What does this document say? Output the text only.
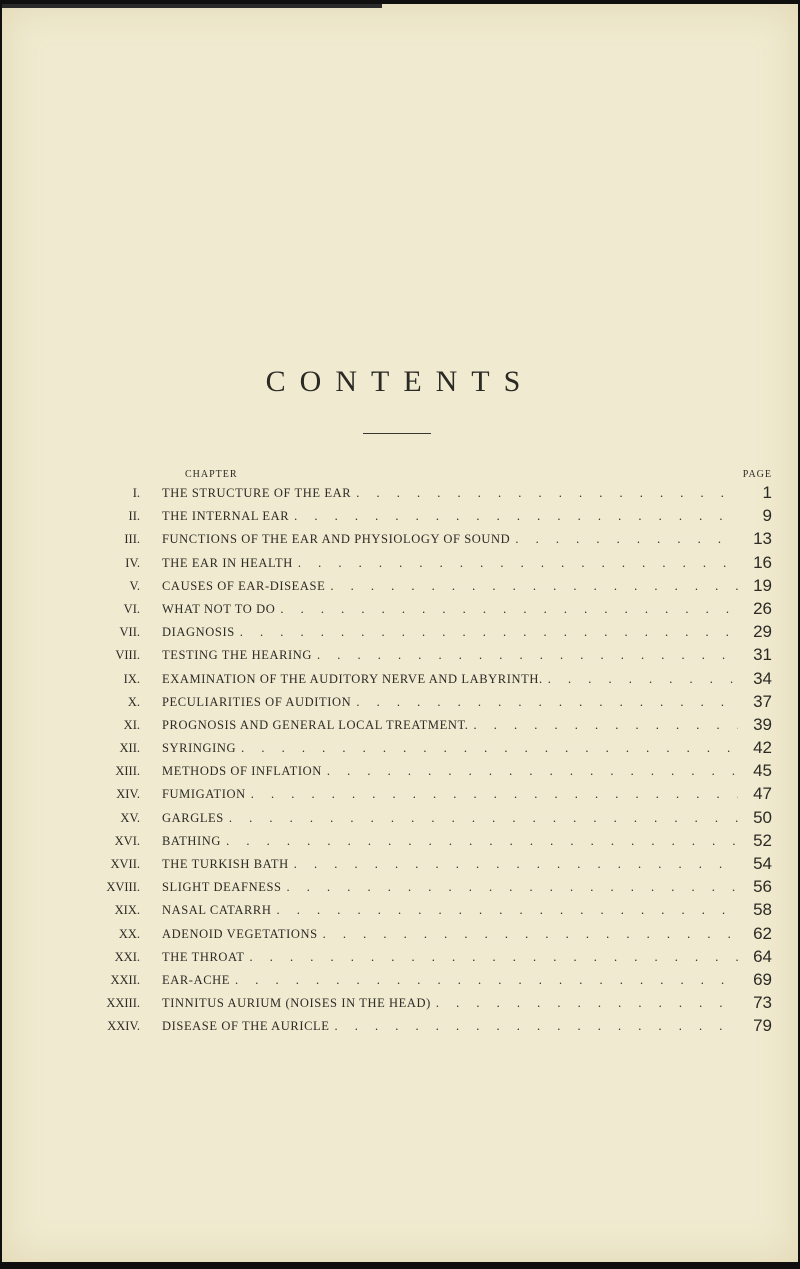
CONTENTS
CHAPTER	PAGE
I. THE STRUCTURE OF THE EAR . . .	1
II. THE INTERNAL EAR . . .	9
III. FUNCTIONS OF THE EAR AND PHYSIOLOGY OF SOUND . . .	13
IV. THE EAR IN HEALTH . . .	16
V. CAUSES OF EAR-DISEASE . . .	19
VI. WHAT NOT TO DO . . .	26
VII. DIAGNOSIS . . .	29
VIII. TESTING THE HEARING . . .	31
IX. EXAMINATION OF THE AUDITORY NERVE AND LABYRINTH. . . .	34
X. PECULIARITIES OF AUDITION . . .	37
XI. PROGNOSIS AND GENERAL LOCAL TREATMENT. . . .	39
XII. SYRINGING . . .	42
XIII. METHODS OF INFLATION . . .	45
XIV. FUMIGATION . . .	47
XV. GARGLES . . .	50
XVI. BATHING . . .	52
XVII. THE TURKISH BATH . . .	54
XVIII. SLIGHT DEAFNESS . . .	56
XIX. NASAL CATARRH . . .	58
XX. ADENOID VEGETATIONS . . .	62
XXI. THE THROAT . . .	64
XXII. EAR-ACHE . . .	69
XXIII. TINNITUS AURIUM (NOISES IN THE HEAD) . . .	73
XXIV. DISEASE OF THE AURICLE . . .	79
